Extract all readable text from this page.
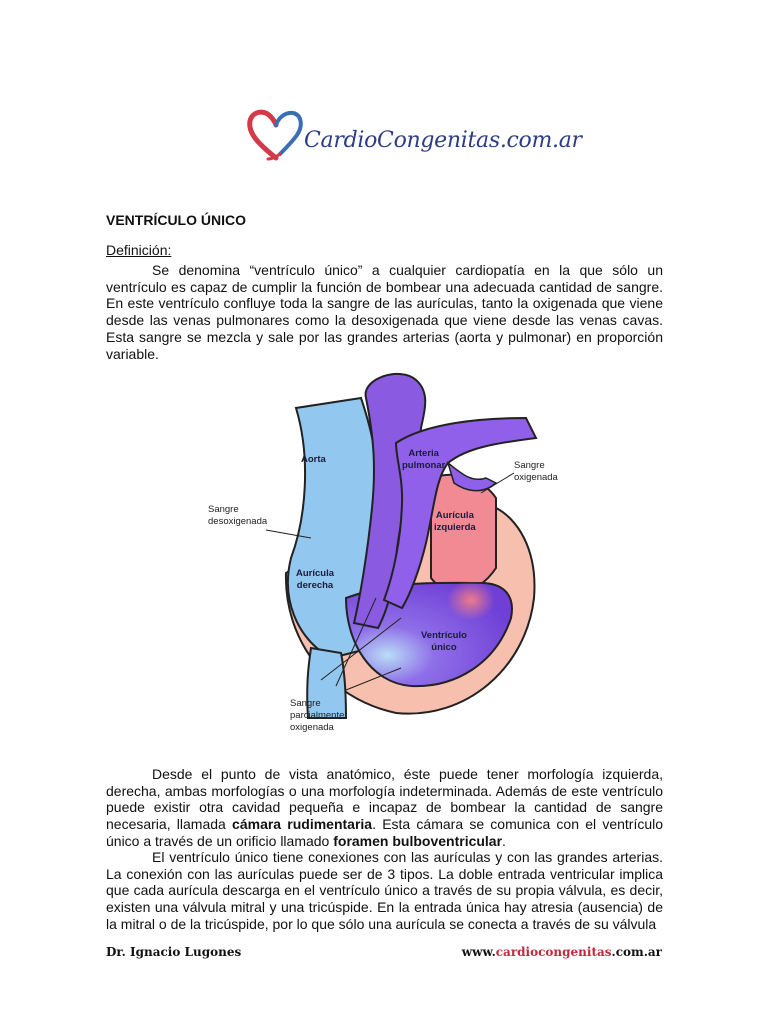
CardioCongenitas.com.ar
VENTRÍCULO ÚNICO
Definición:

Se denomina “ventrículo único” a cualquier cardiopatía en la que sólo un ventrículo es capaz de cumplir la función de bombear una adecuada cantidad de sangre. En este ventrículo confluye toda la sangre de las aurículas, tanto la oxigenada que viene desde las venas pulmonares como la desoxigenada que viene desde las venas cavas. Esta sangre se mezcla y sale por las grandes arterias (aorta y pulmonar) en proporción variable.

Aorta
Arteria
pulmonar	Sangre
oxigenada
Aurícula
izquierda
Sangre
desoxigenada
Aurícula
derecha
Ventrículo
único
Sangre
parcialmente
oxigenada

Desde el punto de vista anatómico, éste puede tener morfología izquierda, derecha, ambas morfologías o una morfología indeterminada. Además de este ventrículo puede existir otra cavidad pequeña e incapaz de bombear la cantidad de sangre necesaria, llamada cámara rudimentaria. Esta cámara se comunica con el ventrículo único a través de un orificio llamado foramen bulboventricular.

El ventrículo único tiene conexiones con las aurículas y con las grandes arterias. La conexión con las aurículas puede ser de 3 tipos. La doble entrada ventricular implica que cada aurícula descarga en el ventrículo único a través de su propia válvula, es decir, existen una válvula mitral y una tricúspide. En la entrada única hay atresia (ausencia) de la mitral o de la tricúspide, por lo que sólo una aurícula se conecta a través de su válvula

Dr. Ignacio Lugones	www.cardiocongenitas.com.ar
